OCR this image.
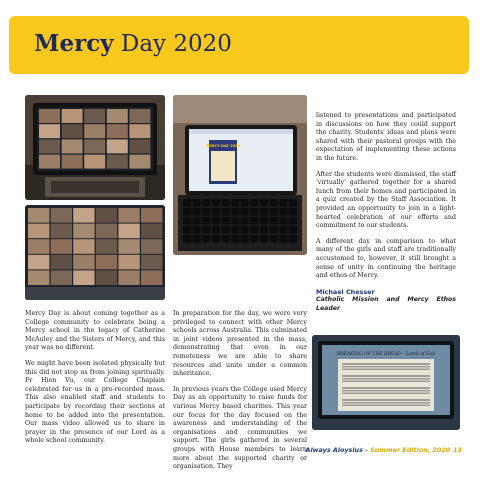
Mercy Day 2020
MERCY DAY 2020
BREAKING OF THE BREAD – Lamb of God

Mercy Day is about coming together as a College community to celebrate being a Mercy school in the legacy of Catherine McAuley and the Sisters of Mercy, and this year was no different.

We might have been isolated physically but this did not stop us from joining spiritually. Fr Hien Vu, our College Chaplain celebrated for us in a pre-recorded mass. This also enabled staff and students to participate by recording their sections at home to be added into the presentation. Our mass video allowed us to share in prayer in the presence of our Lord as a whole school community.

In preparation for the day, we were very privileged to connect with other Mercy schools across Australia. This culminated in joint videos presented in the mass, demonstrating that even in our remoteness we are able to share resources and unite under a common inheritance.

In previous years the College used Mercy Day as an opportunity to raise funds for various Mercy based charities. This year our focus for the day focused on the awareness and understanding of the organisations and communities we support. The girls gathered in several groups with House members to learn more about the supported charity or organisation. They

listened to presentations and participated in discussions on how they could support the charity. Students' ideas and plans were shared with their pastoral groups with the expectation of implementing these actions in the future.

After the students were dismissed, the staff 'virtually' gathered together for a shared lunch from their homes and participated in a quiz created by the Staff Association. It provided an opportunity to join in a light-hearted celebration of our efforts and commitment to our students.

A different day in comparison to what many of the girls and staff are traditionally accustomed to, however, it still brought a sense of unity in continuing the heritage and ethos of Mercy.

Michael Chesser
Catholic Mission and Mercy Ethos Leader
Always Aloysius – Summer Edition, 2020 13
